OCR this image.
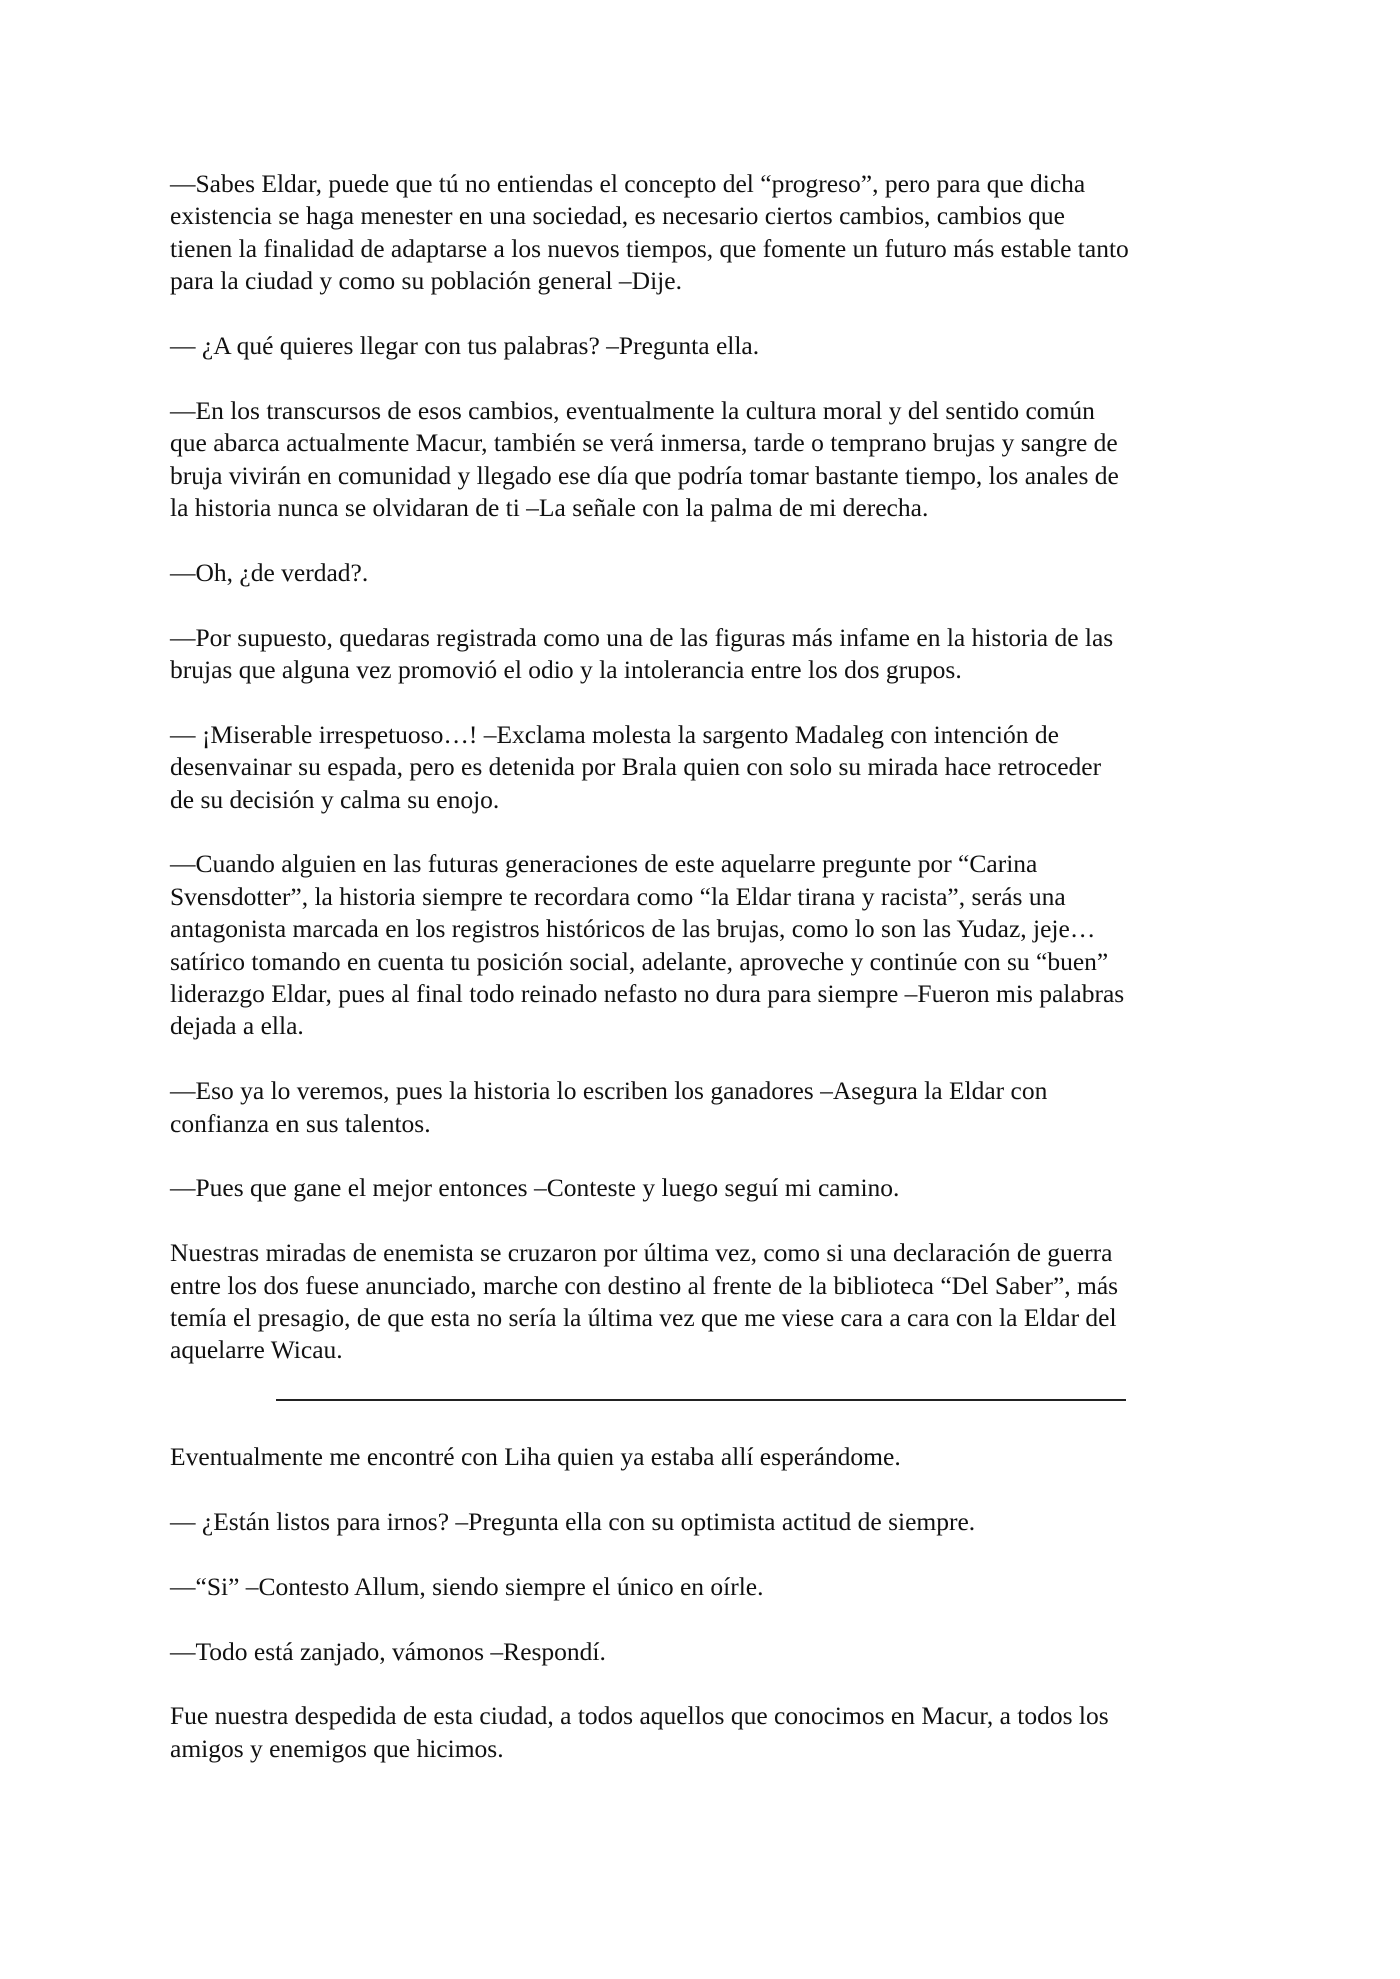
—Sabes Eldar, puede que tú no entiendas el concepto del “progreso”, pero para que dicha
existencia se haga menester en una sociedad, es necesario ciertos cambios, cambios que
tienen la finalidad de adaptarse a los nuevos tiempos, que fomente un futuro más estable tanto
para la ciudad y como su población general –Dije.

— ¿A qué quieres llegar con tus palabras? –Pregunta ella.

—En los transcursos de esos cambios, eventualmente la cultura moral y del sentido común
que abarca actualmente Macur, también se verá inmersa, tarde o temprano brujas y sangre de
bruja vivirán en comunidad y llegado ese día que podría tomar bastante tiempo, los anales de
la historia nunca se olvidaran de ti –La señale con la palma de mi derecha.

—Oh, ¿de verdad?.

—Por supuesto, quedaras registrada como una de las figuras más infame en la historia de las
brujas que alguna vez promovió el odio y la intolerancia entre los dos grupos.

— ¡Miserable irrespetuoso…! –Exclama molesta la sargento Madaleg con intención de
desenvainar su espada, pero es detenida por Brala quien con solo su mirada hace retroceder
de su decisión y calma su enojo.

—Cuando alguien en las futuras generaciones de este aquelarre pregunte por “Carina
Svensdotter”, la historia siempre te recordara como “la Eldar tirana y racista”, serás una
antagonista marcada en los registros históricos de las brujas, como lo son las Yudaz, jeje…
satírico tomando en cuenta tu posición social, adelante, aproveche y continúe con su “buen”
liderazgo Eldar, pues al final todo reinado nefasto no dura para siempre –Fueron mis palabras
dejada a ella.

—Eso ya lo veremos, pues la historia lo escriben los ganadores –Asegura la Eldar con
confianza en sus talentos.

—Pues que gane el mejor entonces –Conteste y luego seguí mi camino.

Nuestras miradas de enemista se cruzaron por última vez, como si una declaración de guerra
entre los dos fuese anunciado, marche con destino al frente de la biblioteca “Del Saber”, más
temía el presagio, de que esta no sería la última vez que me viese cara a cara con la Eldar del
aquelarre Wicau.

Eventualmente me encontré con Liha quien ya estaba allí esperándome.

— ¿Están listos para irnos? –Pregunta ella con su optimista actitud de siempre.

—“Si” –Contesto Allum, siendo siempre el único en oírle.

—Todo está zanjado, vámonos –Respondí.

Fue nuestra despedida de esta ciudad, a todos aquellos que conocimos en Macur, a todos los
amigos y enemigos que hicimos.
